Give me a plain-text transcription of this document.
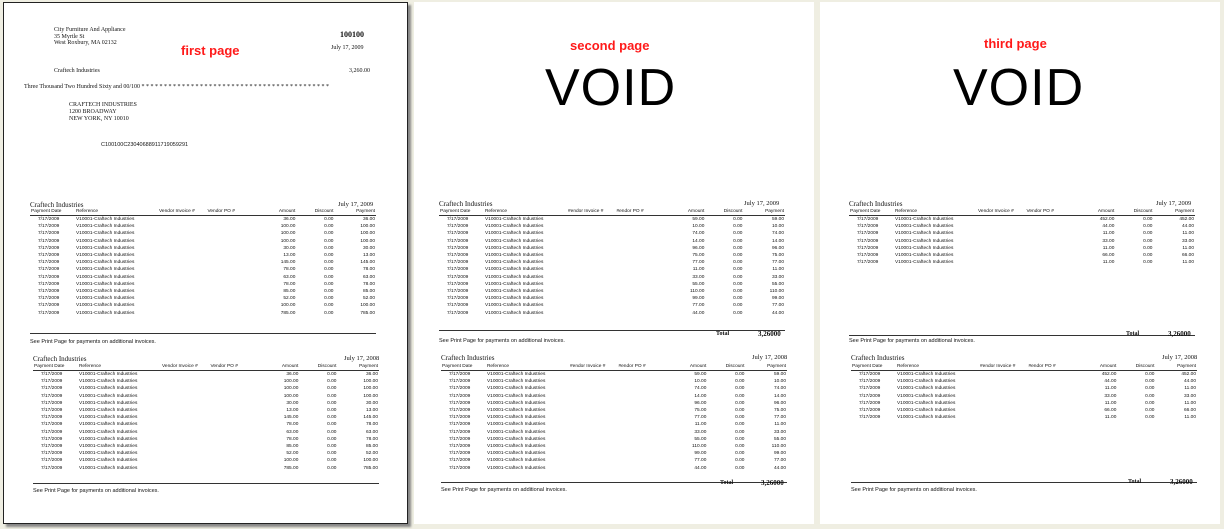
City Furniture And Appliance
35 Myrtle St
West Roxbury, MA 02132
100100
July 17, 2009
first page
Craftech Industries	3,260.00
Three Thousand Two Hundred Sixty and 00/100 * * * * * * * * * * * * * * * * * * * * * * * * * * * * * * * * * * * * * * * * * *
CRAFTECH INDUSTRIES
1200 BROADWAY
NEW YORK, NY 10010
C100100C23040688911719059291
Craftech Industries	July 17, 2009
Payment Date	Reference	Vendor Invoice #	Vendor PO #	Amount	Discount	Payment
7/17/2009	V10001-Craftech Industries			36.00	0.00	36.00
7/17/2009	V10001-Craftech Industries			100.00	0.00	100.00
7/17/2009	V10001-Craftech Industries			100.00	0.00	100.00
7/17/2009	V10001-Craftech Industries			100.00	0.00	100.00
7/17/2009	V10001-Craftech Industries			30.00	0.00	30.00
7/17/2009	V10001-Craftech Industries			13.00	0.00	13.00
7/17/2009	V10001-Craftech Industries			145.00	0.00	145.00
7/17/2009	V10001-Craftech Industries			78.00	0.00	78.00
7/17/2009	V10001-Craftech Industries			63.00	0.00	63.00
7/17/2009	V10001-Craftech Industries			78.00	0.00	78.00
7/17/2009	V10001-Craftech Industries			85.00	0.00	85.00
7/17/2009	V10001-Craftech Industries			52.00	0.00	52.00
7/17/2009	V10001-Craftech Industries			100.00	0.00	100.00
7/17/2009	V10001-Craftech Industries			785.00	0.00	785.00
See Print Page for payments on additional invoices.
Craftech Industries	July 17, 2008
Payment Date	Reference	Vendor Invoice #	Vendor PO #	Amount	Discount	Payment
7/17/2009	V10001-Craftech Industries			36.00	0.00	36.00
7/17/2009	V10001-Craftech Industries			100.00	0.00	100.00
7/17/2009	V10001-Craftech Industries			100.00	0.00	100.00
7/17/2009	V10001-Craftech Industries			100.00	0.00	100.00
7/17/2009	V10001-Craftech Industries			30.00	0.00	30.00
7/17/2009	V10001-Craftech Industries			13.00	0.00	13.00
7/17/2009	V10001-Craftech Industries			145.00	0.00	145.00
7/17/2009	V10001-Craftech Industries			78.00	0.00	78.00
7/17/2009	V10001-Craftech Industries			63.00	0.00	63.00
7/17/2009	V10001-Craftech Industries			78.00	0.00	78.00
7/17/2009	V10001-Craftech Industries			85.00	0.00	85.00
7/17/2009	V10001-Craftech Industries			52.00	0.00	52.00
7/17/2009	V10001-Craftech Industries			100.00	0.00	100.00
7/17/2009	V10001-Craftech Industries			785.00	0.00	785.00
See Print Page for payments on additional invoices.
second page
VOID
Craftech Industries	July 17, 2009
Payment Date	Reference	#endor Invoice #	#endor PO #	Amount	Discount	Payment
7/17/2009	V10001-Craftech Industries			59.00	0.00	59.00
7/17/2009	V10001-Craftech Industries			10.00	0.00	10.00
7/17/2009	V10001-Craftech Industries			74.00	0.00	74.00
7/17/2009	V10001-Craftech Industries			14.00	0.00	14.00
7/17/2009	V10001-Craftech Industries			96.00	0.00	96.00
7/17/2009	V10001-Craftech Industries			75.00	0.00	75.00
7/17/2009	V10001-Craftech Industries			77.00	0.00	77.00
7/17/2009	V10001-Craftech Industries			11.00	0.00	11.00
7/17/2009	V10001-Craftech Industries			33.00	0.00	33.00
7/17/2009	V10001-Craftech Industries			55.00	0.00	55.00
7/17/2009	V10001-Craftech Industries			110.00	0.00	110.00
7/17/2009	V10001-Craftech Industries			99.00	0.00	99.00
7/17/2009	V10001-Craftech Industries			77.00	0.00	77.00
7/17/2009	V10001-Craftech Industries			44.00	0.00	44.00
Total	3,26000
See Print Page for payments on additional invoices.
Craftech Industries	July 17, 2008
Payment Date	Reference	#endor Invoice #	#endor PO #	Amount	Discount	Payment
7/17/2009	V10001-Craftech Industries			59.00	0.00	59.00
7/17/2009	V10001-Craftech Industries			10.00	0.00	10.00
7/17/2009	V10001-Craftech Industries			74.00	0.00	74.00
7/17/2009	V10001-Craftech Industries			14.00	0.00	14.00
7/17/2009	V10001-Craftech Industries			96.00	0.00	96.00
7/17/2009	V10001-Craftech Industries			75.00	0.00	75.00
7/17/2009	V10001-Craftech Industries			77.00	0.00	77.00
7/17/2009	V10001-Craftech Industries			11.00	0.00	11.00
7/17/2009	V10001-Craftech Industries			33.00	0.00	33.00
7/17/2009	V10001-Craftech Industries			55.00	0.00	55.00
7/17/2009	V10001-Craftech Industries			110.00	0.00	110.00
7/17/2009	V10001-Craftech Industries			99.00	0.00	99.00
7/17/2009	V10001-Craftech Industries			77.00	0.00	77.00
7/17/2009	V10001-Craftech Industries			44.00	0.00	44.00
Total	3,26000
See Print Page for payments on additional invoices.
third page
VOID
Craftech Industries	July 17, 2009
Payment Date	Reference	Vendor Invoice #	Vendor PO #	Amount	Discount	Payment
7/17/2009	V10001-Craftech Industries			452.00	0.00	452.00
7/17/2009	V10001-Craftech Industries			44.00	0.00	44.00
7/17/2009	V10001-Craftech Industries			11.00	0.00	11.00
7/17/2009	V10001-Craftech Industries			33.00	0.00	33.00
7/17/2009	V10001-Craftech Industries			11.00	0.00	11.00
7/17/2009	V10001-Craftech Industries			66.00	0.00	66.00
7/17/2009	V10001-Craftech Industries			11.00	0.00	11.00
Total	3,26000
See Print Page for payments on additional invoices.
Craftech Industries	July 17, 2008
Payment Date	Reference	#endor Invoice #	#endor PO #	Amount	Discount	Payment
7/17/2009	V10001-Craftech Industries			452.00	0.00	452.00
7/17/2009	V10001-Craftech Industries			44.00	0.00	44.00
7/17/2009	V10001-Craftech Industries			11.00	0.00	11.00
7/17/2009	V10001-Craftech Industries			33.00	0.00	33.00
7/17/2009	V10001-Craftech Industries			11.00	0.00	11.00
7/17/2009	V10001-Craftech Industries			66.00	0.00	66.00
7/17/2009	V10001-Craftech Industries			11.00	0.00	11.00
Total	3,26000
See Print Page for payments on additional invoices.
